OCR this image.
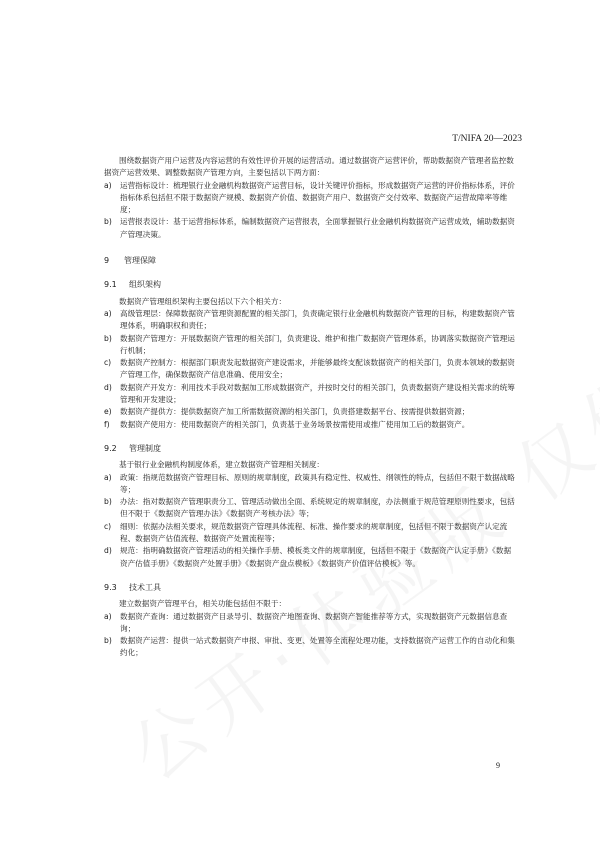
T/NIFA 20—2023

围绕数据资产用户运营及内容运营的有效性评价开展的运营活动。通过数据资产运营评价，帮助数据资产管理者监控数据资产运营效果、调整数据资产管理方向，主要包括以下两方面：

a)	运营指标设计：梳理银行业金融机构数据资产运营目标，设计关键评价指标，形成数据资产运营的评价指标体系，评价指标体系包括但不限于数据资产规模、数据资产价值、数据资产用户、数据资产交付效率、数据资产运营故障率等维度；
b)	运营报表设计：基于运营指标体系，编制数据资产运营报表，全面掌握银行业金融机构数据资产运营成效，辅助数据资产管理决策。
9 管理保障
9.1 组织架构

数据资产管理组织架构主要包括以下六个相关方：

a)	高级管理层：保障数据资产管理资源配置的相关部门，负责确定银行业金融机构数据资产管理的目标，构建数据资产管理体系，明确职权和责任；
b)	数据资产管理方：开展数据资产管理的相关部门，负责建设、维护和推广数据资产管理体系，协调落实数据资产管理运行机制；
c)	数据资产控制方：根据部门职责发起数据资产建设需求，并能够最终支配该数据资产的相关部门，负责本领域的数据资产管理工作，确保数据资产信息准确、使用安全；
d)	数据资产开发方：利用技术手段对数据加工形成数据资产，并按时交付的相关部门，负责数据资产建设相关需求的统筹管理和开发建设；
e)	数据资产提供方：提供数据资产加工所需数据资源的相关部门，负责搭建数据平台、按需提供数据资源；
f)	数据资产使用方：使用数据资产的相关部门，负责基于业务场景按需使用或推广使用加工后的数据资产。
9.2 管理制度

基于银行业金融机构制度体系，建立数据资产管理相关制度：

a)	政策：指规范数据资产管理目标、原则的规章制度，政策具有稳定性、权威性、纲领性的特点，包括但不限于数据战略等；
b)	办法：指对数据资产管理职责分工、管理活动做出全面、系统规定的规章制度，办法侧重于规范管理原则性要求，包括但不限于《数据资产管理办法》《数据资产考核办法》等；
c)	细则：依据办法相关要求，规范数据资产管理具体流程、标准、操作要求的规章制度，包括但不限于数据资产认定流程、数据资产估值流程、数据资产处置流程等；
d)	规范：指明确数据资产管理活动的相关操作手册、模板类文件的规章制度，包括但不限于《数据资产认定手册》《数据资产估值手册》《数据资产处置手册》《数据资产盘点模板》《数据资产价值评估模板》等。
9.3 技术工具

建立数据资产管理平台，相关功能包括但不限于：

a)	数据资产查询：通过数据资产目录导引、数据资产地图查询、数据资产智能推荐等方式，实现数据资产元数据信息查询；
b)	数据资产运营：提供一站式数据资产申报、审批、变更、处置等全流程处理功能，支持数据资产运营工作的自动化和集约化；
9
